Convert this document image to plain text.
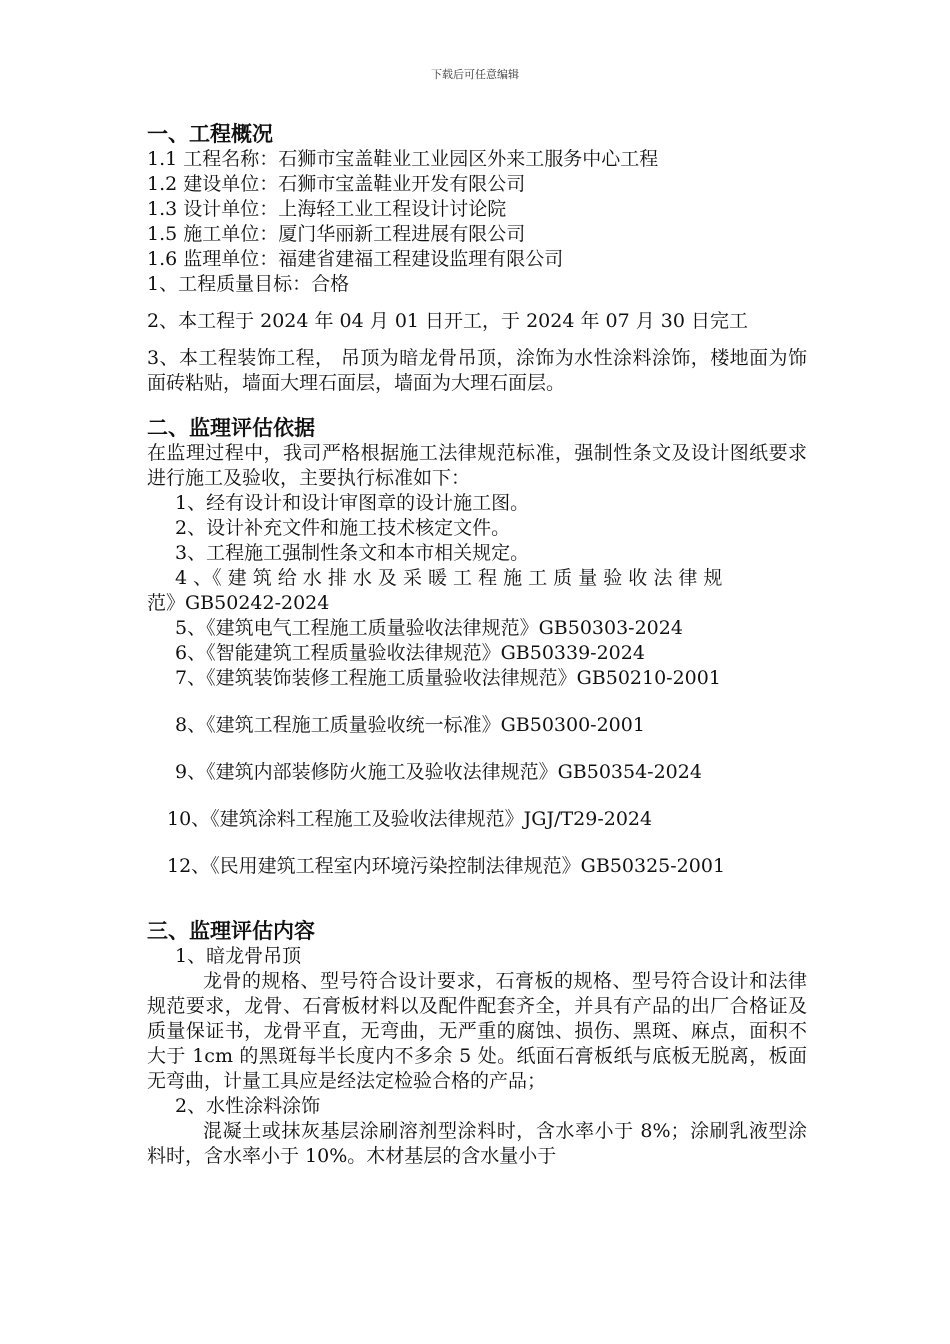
下载后可任意编辑
一、工程概况
1.1 工程名称：石狮市宝盖鞋业工业园区外来工服务中心工程
1.2 建设单位：石狮市宝盖鞋业开发有限公司
1.3 设计单位：上海轻工业工程设计讨论院
1.5 施工单位：厦门华丽新工程进展有限公司
1.6 监理单位：福建省建福工程建设监理有限公司
1、工程质量目标：合格
2、本工程于 2024 年 04 月 01 日开工，于 2024 年 07 月 30 日完工
3、本工程装饰工程， 吊顶为暗龙骨吊顶，涂饰为水性涂料涂饰，楼地面为饰面砖粘贴，墙面大理石面层，墙面为大理石面层。
二、监理评估依据
在监理过程中，我司严格根据施工法律规范标准，强制性条文及设计图纸要求进行施工及验收，主要执行标准如下：
1、经有设计和设计审图章的设计施工图。
2、设计补充文件和施工技术核定文件。
3、工程施工强制性条文和本市相关规定。
4 、《 建 筑 给 水 排 水 及 采 暖 工 程 施 工 质 量 验 收 法 律 规
范》GB50242-2024
5、《建筑电气工程施工质量验收法律规范》GB50303-2024
6、《智能建筑工程质量验收法律规范》GB50339-2024
7、《建筑装饰装修工程施工质量验收法律规范》GB50210-2001
8、《建筑工程施工质量验收统一标准》GB50300-2001
9、《建筑内部装修防火施工及验收法律规范》GB50354-2024
10、《建筑涂料工程施工及验收法律规范》JGJ/T29-2024
12、《民用建筑工程室内环境污染控制法律规范》GB50325-2001
三、监理评估内容
1、暗龙骨吊顶
龙骨的规格、型号符合设计要求，石膏板的规格、型号符合设计和法律规范要求，龙骨、石膏板材料以及配件配套齐全，并具有产品的出厂合格证及质量保证书，龙骨平直，无弯曲，无严重的腐蚀、损伤、黑斑、麻点，面积不大于 1cm 的黑斑每半长度内不多余 5 处。纸面石膏板纸与底板无脱离，板面无弯曲，计量工具应是经法定检验合格的产品；
2、水性涂料涂饰
混凝土或抹灰基层涂刷溶剂型涂料时，含水率小于 8%；涂刷乳液型涂料时，含水率小于 10%。木材基层的含水量小于
